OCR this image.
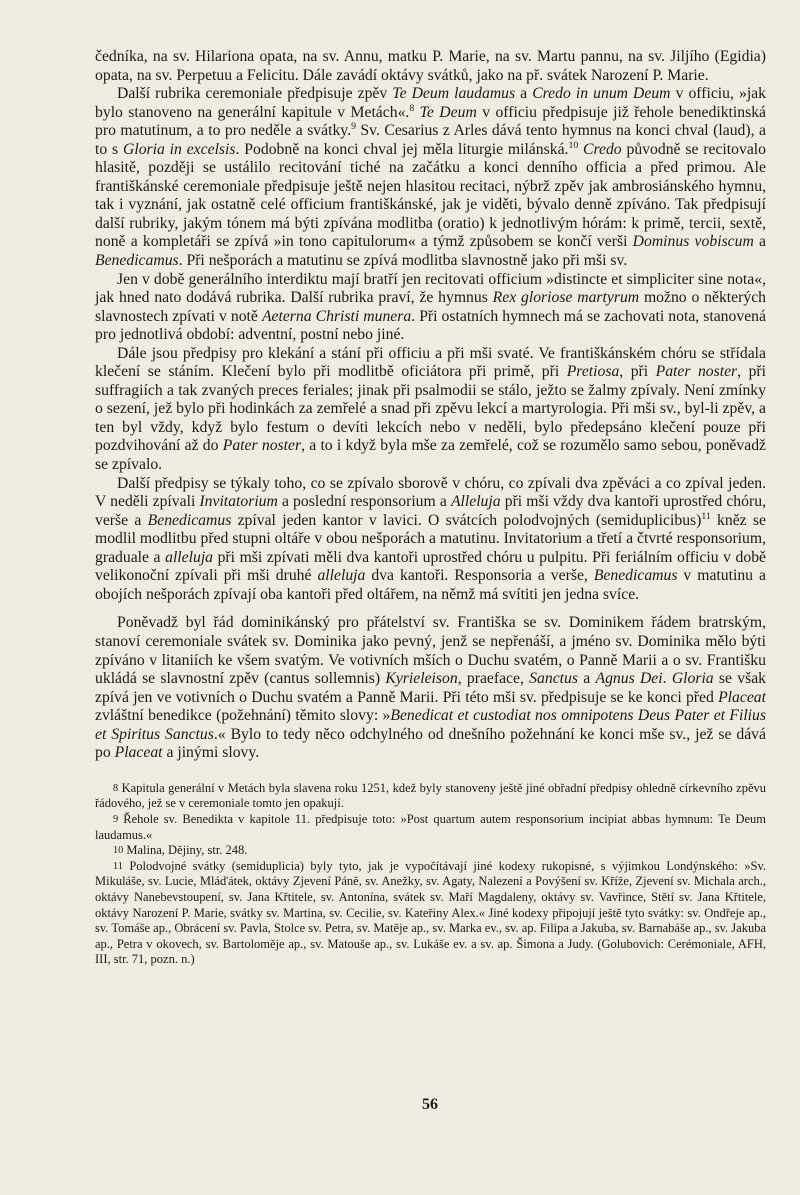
čedníka, na sv. Hilariona opata, na sv. Annu, matku P. Marie, na sv. Martu pannu, na sv. Jiljího (Egidia) opata, na sv. Perpetuu a Felicitu. Dále zavádí oktávy svátků, jako na př. svátek Narození P. Marie.

Další rubrika ceremoniale předpisuje zpěv Te Deum laudamus a Credo in unum Deum v officiu, »jak bylo stanoveno na generální kapitule v Metách«.$^8$ Te Deum v officiu předpisuje již řehole benediktinská pro matutinum, a to pro neděle a svátky.$^9$ Sv. Cesarius z Arles dává tento hymnus na konci chval (laud), a to s Gloria in excelsis. Podobně na konci chval jej měla liturgie milánská.$^{10}$ Credo původně se recitovalo hlasitě, později se ustálilo recitování tiché na začátku a konci denního officia a před primou. Ale františkánské ceremoniale předpisuje ještě nejen hlasitou recitaci, nýbrž zpěv jak ambrosiánského hymnu, tak i vyznání, jak ostatně celé officium františkánské, jak je viděti, bývalo denně zpíváno. Tak předpisují další rubriky, jakým tónem má býti zpívána modlitba (oratio) k jednotlivým hórám: k primě, tercii, sextě, noně a kompletáři se zpívá »in tono capitulorum« a týmž způsobem se končí verši Dominus vobiscum a Benedicamus. Při nešporách a matutinu se zpívá modlitba slavnostně jako při mši sv.

Jen v době generálního interdiktu mají bratří jen recitovati officium »distincte et simpliciter sine nota«, jak hned nato dodává rubrika. Další rubrika praví, že hymnus Rex gloriose martyrum možno o některých slavnostech zpívati v notě Aeterna Christi munera. Při ostatních hymnech má se zachovati nota, stanovená pro jednotlivá období: adventní, postní nebo jiné.

Dále jsou předpisy pro klekání a stání při officiu a při mši svaté. Ve františkánském chóru se střídala klečení se stáním. Klečení bylo při modlitbě oficiátora při primě, při Pretiosa, při Pater noster, při suffragiích a tak zvaných preces feriales; jinak při psalmodii se stálo, ježto se žalmy zpívaly. Není zmínky o sezení, jež bylo při hodinkách za zemřelé a snad při zpěvu lekcí a martyrologia. Při mši sv., byl-li zpěv, a ten byl vždy, když bylo festum o devíti lekcích nebo v neděli, bylo předepsáno klečení pouze při pozdvihování až do Pater noster, a to i když byla mše za zemřelé, což se rozumělo samo sebou, poněvadž se zpívalo.

Další předpisy se týkaly toho, co se zpívalo sborově v chóru, co zpívali dva zpěváci a co zpíval jeden. V neděli zpívali Invitatorium a poslední responsorium a Alleluja při mši vždy dva kantoři uprostřed chóru, verše a Benedicamus zpíval jeden kantor v lavici. O svátcích polodvojných (semiduplicibus)$^{11}$ kněz se modlil modlitbu před stupni oltáře v obou nešporách a matutinu. Invitatorium a třetí a čtvrté responsorium, graduale a alleluja při mši zpívati měli dva kantoři uprostřed chóru u pulpitu. Při feriálním officiu v době velikonoční zpívali při mši druhé alleluja dva kantoři. Responsoria a verše, Benedicamus v matutinu a obojích nešporách zpívají oba kantoři před oltářem, na němž má svítiti jen jedna svíce.

Poněvadž byl řád dominikánský pro přátelství sv. Františka se sv. Dominikem řádem bratrským, stanoví ceremoniale svátek sv. Dominika jako pevný, jenž se nepřenáší, a jméno sv. Dominika mělo býti zpíváno v litaniích ke všem svatým. Ve votivních mších o Duchu svatém, o Panně Marii a o sv. Františku ukládá se slavnostní zpěv (cantus sollemnis) Kyrieleison, praeface, Sanctus a Agnus Dei. Gloria se však zpívá jen ve votivních o Duchu svatém a Panně Marii. Při této mši sv. předpisuje se ke konci před Placeat zvláštní benedikce (požehnání) těmito slovy: »Benedicat et custodiat nos omnipotens Deus Pater et Filius et Spiritus Sanctus.« Bylo to tedy něco odchylného od dnešního požehnání ke konci mše sv., jež se dává po Placeat a jinými slovy.

8 Kapitula generální v Metách byla slavena roku 1251, kdež byly stanoveny ještě jiné obřadní předpisy ohledně církevního zpěvu řádového, jež se v ceremoniale tomto jen opakují.

9 Řehole sv. Benedikta v kapitole 11. předpisuje toto: »Post quartum autem responsorium incipiat abbas hymnum: Te Deum laudamus.«

10 Malina, Dějiny, str. 248.

11 Polodvojné svátky (semiduplicia) byly tyto, jak je vypočítávají jiné kodexy rukopisné, s výjimkou Londýnského: »Sv. Mikuláše, sv. Lucie, Mláďátek, oktávy Zjevení Páně, sv. Anežky, sv. Agaty, Nalezení a Povýšení sv. Kříže, Zjevení sv. Michala arch., oktávy Nanebevstoupení, sv. Jana Křtitele, sv. Antonína, svátek sv. Maří Magdaleny, oktávy sv. Vavřince, Stětí sv. Jana Křtitele, oktávy Narození P. Marie, svátky sv. Martina, sv. Cecilie, sv. Kateřiny Alex.« Jiné kodexy připojují ještě tyto svátky: sv. Ondřeje ap., sv. Tomáše ap., Obrácení sv. Pavla, Stolce sv. Petra, sv. Matěje ap., sv. Marka ev., sv. ap. Filipa a Jakuba, sv. Barnabáše ap., sv. Jakuba ap., Petra v okovech, sv. Bartoloměje ap., sv. Matouše ap., sv. Lukáše ev. a sv. ap. Šimona a Judy. (Golubovich: Cerémoniale, AFH, III, str. 71, pozn. n.)

56
